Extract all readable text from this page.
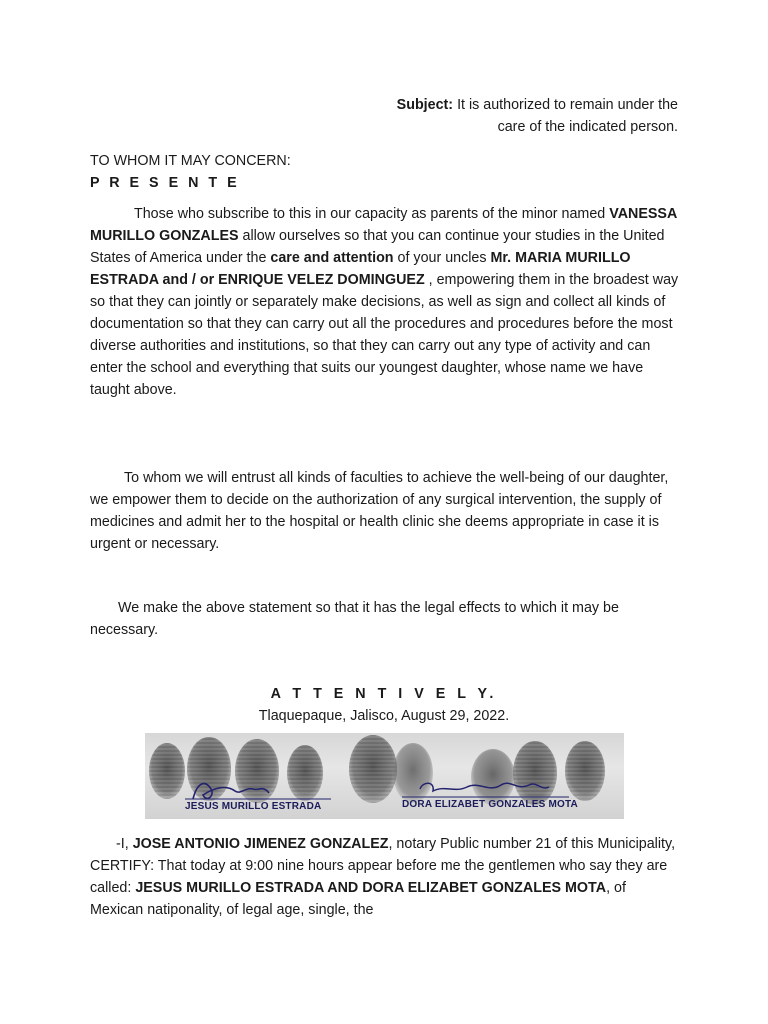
Subject: It is authorized to remain under the
care of the indicated person.
TO WHOM IT MAY CONCERN:
P R E S E N T E

Those who subscribe to this in our capacity as parents of the minor named VANESSA MURILLO GONZALES allow ourselves so that you can continue your studies in the United States of America under the care and attention of your uncles Mr. MARIA MURILLO ESTRADA and / or ENRIQUE VELEZ DOMINGUEZ , empowering them in the broadest way so that they can jointly or separately make decisions, as well as sign and collect all kinds of documentation so that they can carry out all the procedures and procedures before the most diverse authorities and institutions, so that they can carry out any type of activity and can enter the school and everything that suits our youngest daughter, whose name we have taught above.

To whom we will entrust all kinds of faculties to achieve the well-being of our daughter, we empower them to decide on the authorization of any surgical intervention, the supply of medicines and admit her to the hospital or health clinic she deems appropriate in case it is urgent or necessary.

We make the above statement so that it has the legal effects to which it may be necessary.

A T T E N T I V E L Y.
Tlaquepaque, Jalisco, August 29, 2022.
JESUS MURILLO ESTRADA	DORA ELIZABET GONZALES MOTA

-I, JOSE ANTONIO JIMENEZ GONZALEZ, notary Public number 21 of this Municipality, CERTIFY: That today at 9:00 nine hours appear before me the gentlemen who say they are called: JESUS MURILLO ESTRADA AND DORA ELIZABET GONZALES MOTA, of Mexican natiponality, of legal age, single, the
